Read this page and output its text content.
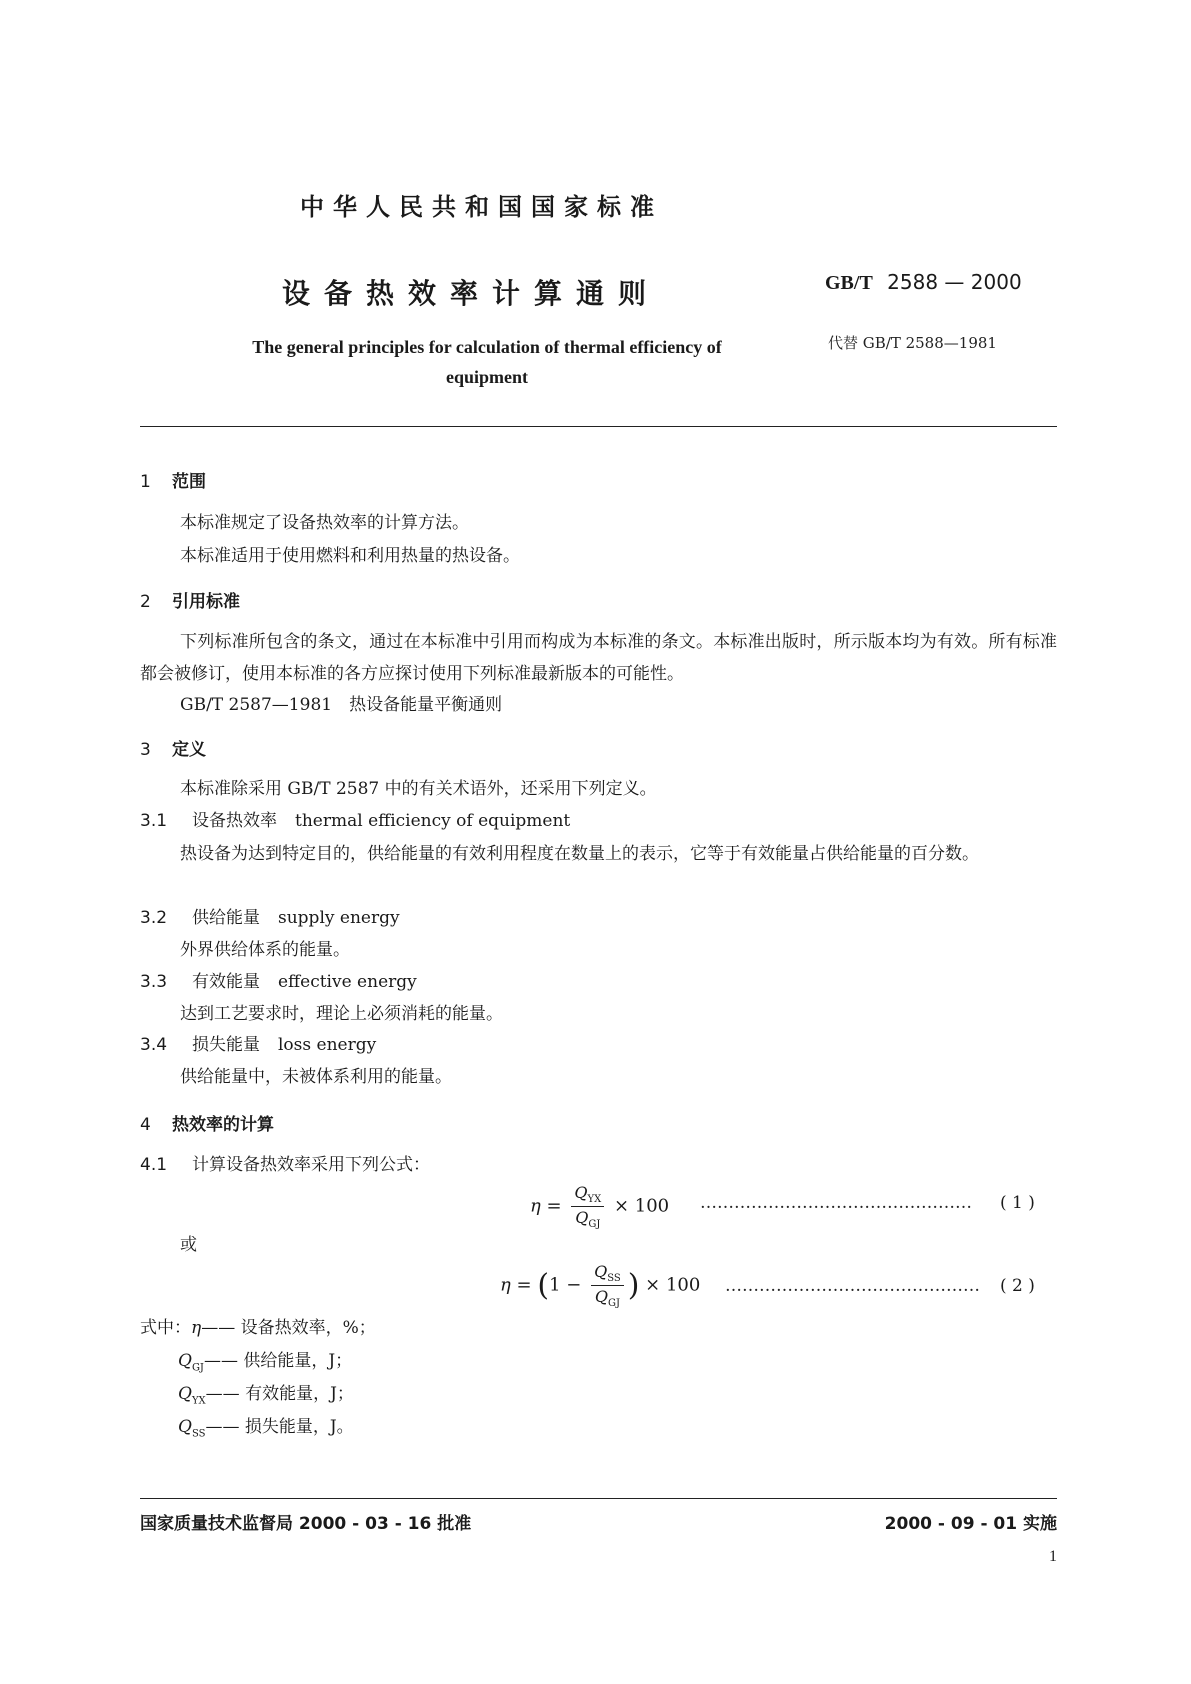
中华人民共和国国家标准
设备热效率计算通则
The general principles for calculation of thermal efficiency of equipment
GB/T 2588 — 2000
代替 GB/T 2588—1981
1 范围
本标准规定了设备热效率的计算方法。
本标准适用于使用燃料和利用热量的热设备。
2 引用标准
下列标准所包含的条文，通过在本标准中引用而构成为本标准的条文。本标准出版时，所示版本均为有效。所有标准都会被修订，使用本标准的各方应探讨使用下列标准最新版本的可能性。
GB/T 2587—1981　热设备能量平衡通则
3 定义
本标准除采用 GB/T 2587 中的有关术语外，还采用下列定义。
3.1 设备热效率 thermal efficiency of equipment
热设备为达到特定目的，供给能量的有效利用程度在数量上的表示，它等于有效能量占供给能量的百分数。
3.2 供给能量 supply energy
外界供给体系的能量。
3.3 有效能量 effective energy
达到工艺要求时，理论上必须消耗的能量。
3.4 损失能量 loss energy
供给能量中，未被体系利用的能量。
4 热效率的计算
4.1 计算设备热效率采用下列公式：
$\eta = \frac{Q_{YX}}{Q_{GJ}} \times 100$ ………………………………………… ( 1 )
或
$\eta = (1 - \frac{Q_{SS}}{Q_{GJ}}$ ) × 100 ……………………………………… ( 2 )
式中：η—— 设备热效率，%；
$Q_{GJ}——$ 供给能量，J；
$Q_{YX}——$ 有效能量，J；
$Q_{SS}——$ 损失能量，J。
国家质量技术监督局 2000 - 03 - 16 批准	2000 - 09 - 01 实施
1
